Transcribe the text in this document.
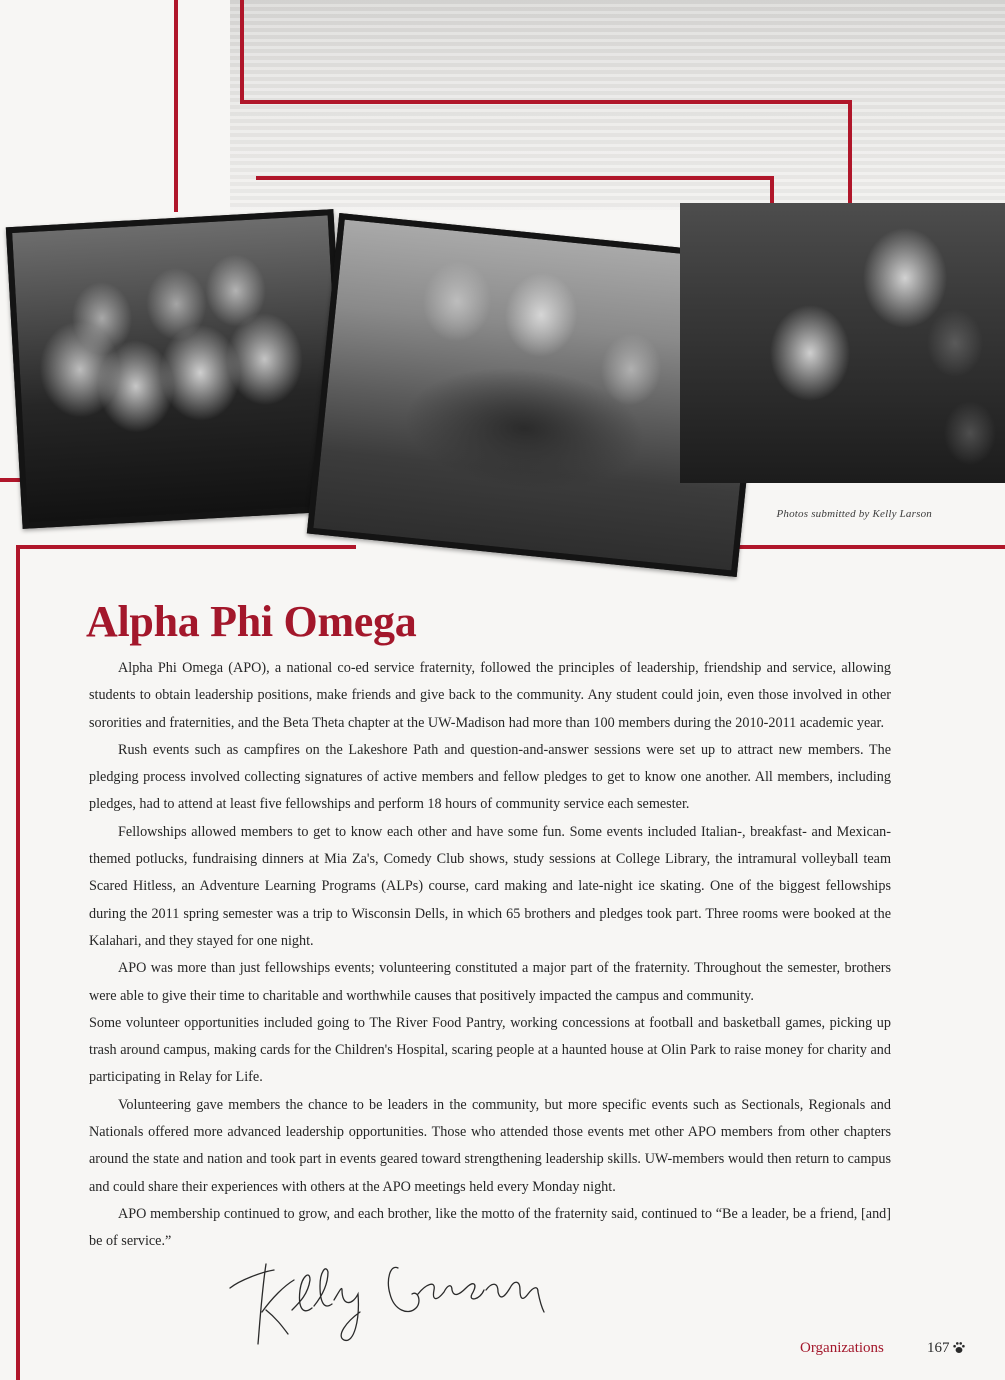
Photos submitted by Kelly Larson
Alpha Phi Omega

Alpha Phi Omega (APO), a national co-ed service fraternity, followed the principles of leadership, friendship and service, allowing students to obtain leadership positions, make friends and give back to the community. Any student could join, even those involved in other sororities and fraternities, and the Beta Theta chapter at the UW-Madison had more than 100 members during the 2010-2011 academic year.

Rush events such as campfires on the Lakeshore Path and question-and-answer sessions were set up to attract new members. The pledging process involved collecting signatures of active members and fellow pledges to get to know one another. All members, including pledges, had to attend at least five fellowships and perform 18 hours of community service each semester.

Fellowships allowed members to get to know each other and have some fun. Some events included Italian-, breakfast- and Mexican-themed potlucks, fundraising dinners at Mia Za's, Comedy Club shows, study sessions at College Library, the intramural volleyball team Scared Hitless, an Adventure Learning Programs (ALPs) course, card making and late-night ice skating. One of the biggest fellowships during the 2011 spring semester was a trip to Wisconsin Dells, in which 65 brothers and pledges took part. Three rooms were booked at the Kalahari, and they stayed for one night.

APO was more than just fellowships events; volunteering constituted a major part of the fraternity. Throughout the semester, brothers were able to give their time to charitable and worthwhile causes that positively impacted the campus and community.

Some volunteer opportunities included going to The River Food Pantry, working concessions at football and basketball games, picking up trash around campus, making cards for the Children's Hospital, scaring people at a haunted house at Olin Park to raise money for charity and participating in Relay for Life.

Volunteering gave members the chance to be leaders in the community, but more specific events such as Sectionals, Regionals and Nationals offered more advanced leadership opportunities. Those who attended those events met other APO members from other chapters around the state and nation and took part in events geared toward strengthening leadership skills. UW-members would then return to campus and could share their experiences with others at the APO meetings held every Monday night.

APO membership continued to grow, and each brother, like the motto of the fraternity said, continued to “Be a leader, be a friend, [and] be of service.”

Organizations	167
